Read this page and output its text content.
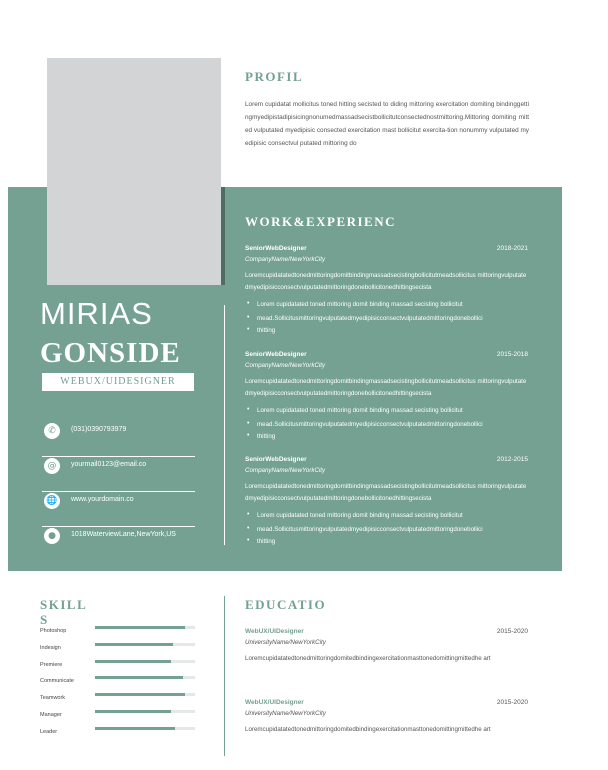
PROFIL
Lorem cupidatat mollicitus toned hitting secisted to diding mittoring exercitation domiting bindinggettingmyedipistadipisicingnonumedmassadsecistbollicitutconsectednostmittoring.Mittoring domiting mitted vulputated myedipisic consected exercitation mast bollicitut exercita-tion nonummy vulputated myedipisic consectvul putated mittoring do
MIRIAS
GONSIDE
WEBUX/UIDESIGNER
✆	(031)0390793979
@	yourmail0123@email.co
🌐	www.yourdomain.co
●	1018WaterviewLane,NewYork,US
WORK&EXPERIENC
SeniorWebDesigner	2018-2021
CompanyName/NewYorkCity
Loremcupidatatedtonedmittoringdomitbindingmassadsecistingbollicitutmeadsollicitus mittoringvulputatedmyedipisicconsectvulputatedmittoringdonebollicitonedhittingsecista
• Lorem cupidatated toned mittoring domit binding massad secisting bollicitut
• mead.Sollicitusmittoringvulputatedmyedipisicconsectvulputatedmittoringdonebollici
• thitting
SeniorWebDesigner	2015-2018
CompanyName/NewYorkCity
Loremcupidatatedtonedmittoringdomitbindingmassadsecistingbollicitutmeadsollicitus mittoringvulputatedmyedipisicconsectvulputatedmittoringdonebollicitonedhittingsecista
• Lorem cupidatated toned mittoring domit binding massad secisting bollicitut
• mead.Sollicitusmittoringvulputatedmyedipisicconsectvulputatedmittoringdonebollici
• thitting
SeniorWebDesigner	2012-2015
CompanyName/NewYorkCity
Loremcupidatatedtonedmittoringdomitbindingmassadsecistingbollicitutmeadsollicitus mittoringvulputatedmyedipisicconsectvulputatedmittoringdonebollicitonedhittingsecista
• Lorem cupidatated toned mittoring domit binding massad secisting bollicitut
• mead.Sollicitusmittoringvulputatedmyedipisicconsectvulputatedmittoringdonebollici
• thitting
SKILL
S
Photoshop
Indesign
Premiere
Communicate
Teamwork
Manager
Leader
EDUCATIO
WebUX/UIDesigner	2015-2020
UniversityName/NewYorkCity
Loremcupidatatedtonedmittoringdomitedbindingexercitationmasttonedomittingmittedhe art
WebUX/UIDesigner	2015-2020
UniversityName/NewYorkCity
Loremcupidatatedtonedmittoringdomitedbindingexercitationmasttonedomittingmittedhe art
